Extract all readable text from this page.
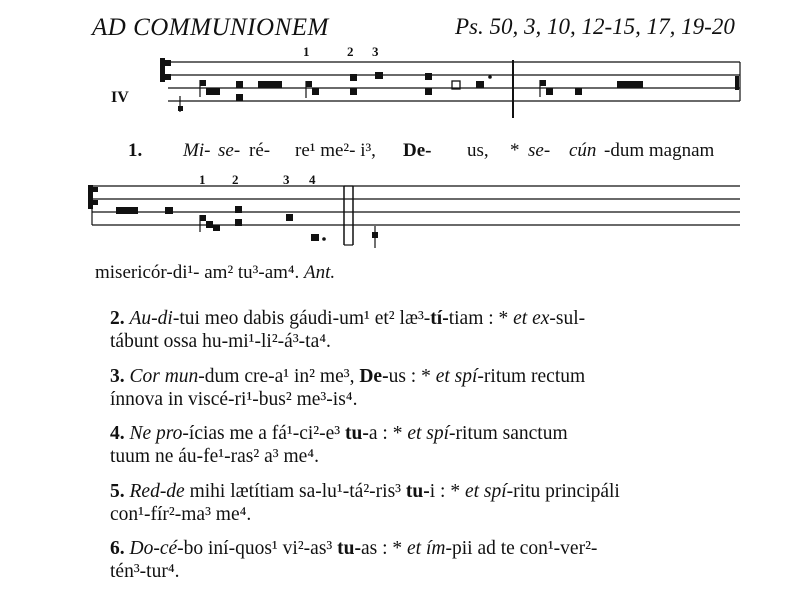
AD COMMUNIONEM	Ps. 50, 3, 10, 12-15, 17, 19-20
IV
1	2 3
1. Mi- se- ré- re¹ me²- i³, De- us, * se- cún -dum magnam
1 2	3 4
misericór-di¹- am² tu³-am⁴. Ant.
2. Au-di-tui meo dabis gáudi-um¹ et² læ³-tí-tiam : * et ex-sul-
tábunt ossa hu-mi¹-li²-á³-ta⁴.
3. Cor mun-dum cre-a¹ in² me³, De-us : * et spí-ritum rectum
ínnova in viscé-ri¹-bus² me³-is⁴.
4. Ne pro-ícias me a fá¹-ci²-e³ tu-a : * et spí-ritum sanctum
tuum ne áu-fe¹-ras² a³ me⁴.
5. Red-de mihi lætítiam sa-lu¹-tá²-ris³ tu-i : * et spí-ritu principáli
con¹-fír²-ma³ me⁴.
6. Do-cé-bo iní-quos¹ vi²-as³ tu-as : * et ím-pii ad te con¹-ver²-
tén³-tur⁴.
